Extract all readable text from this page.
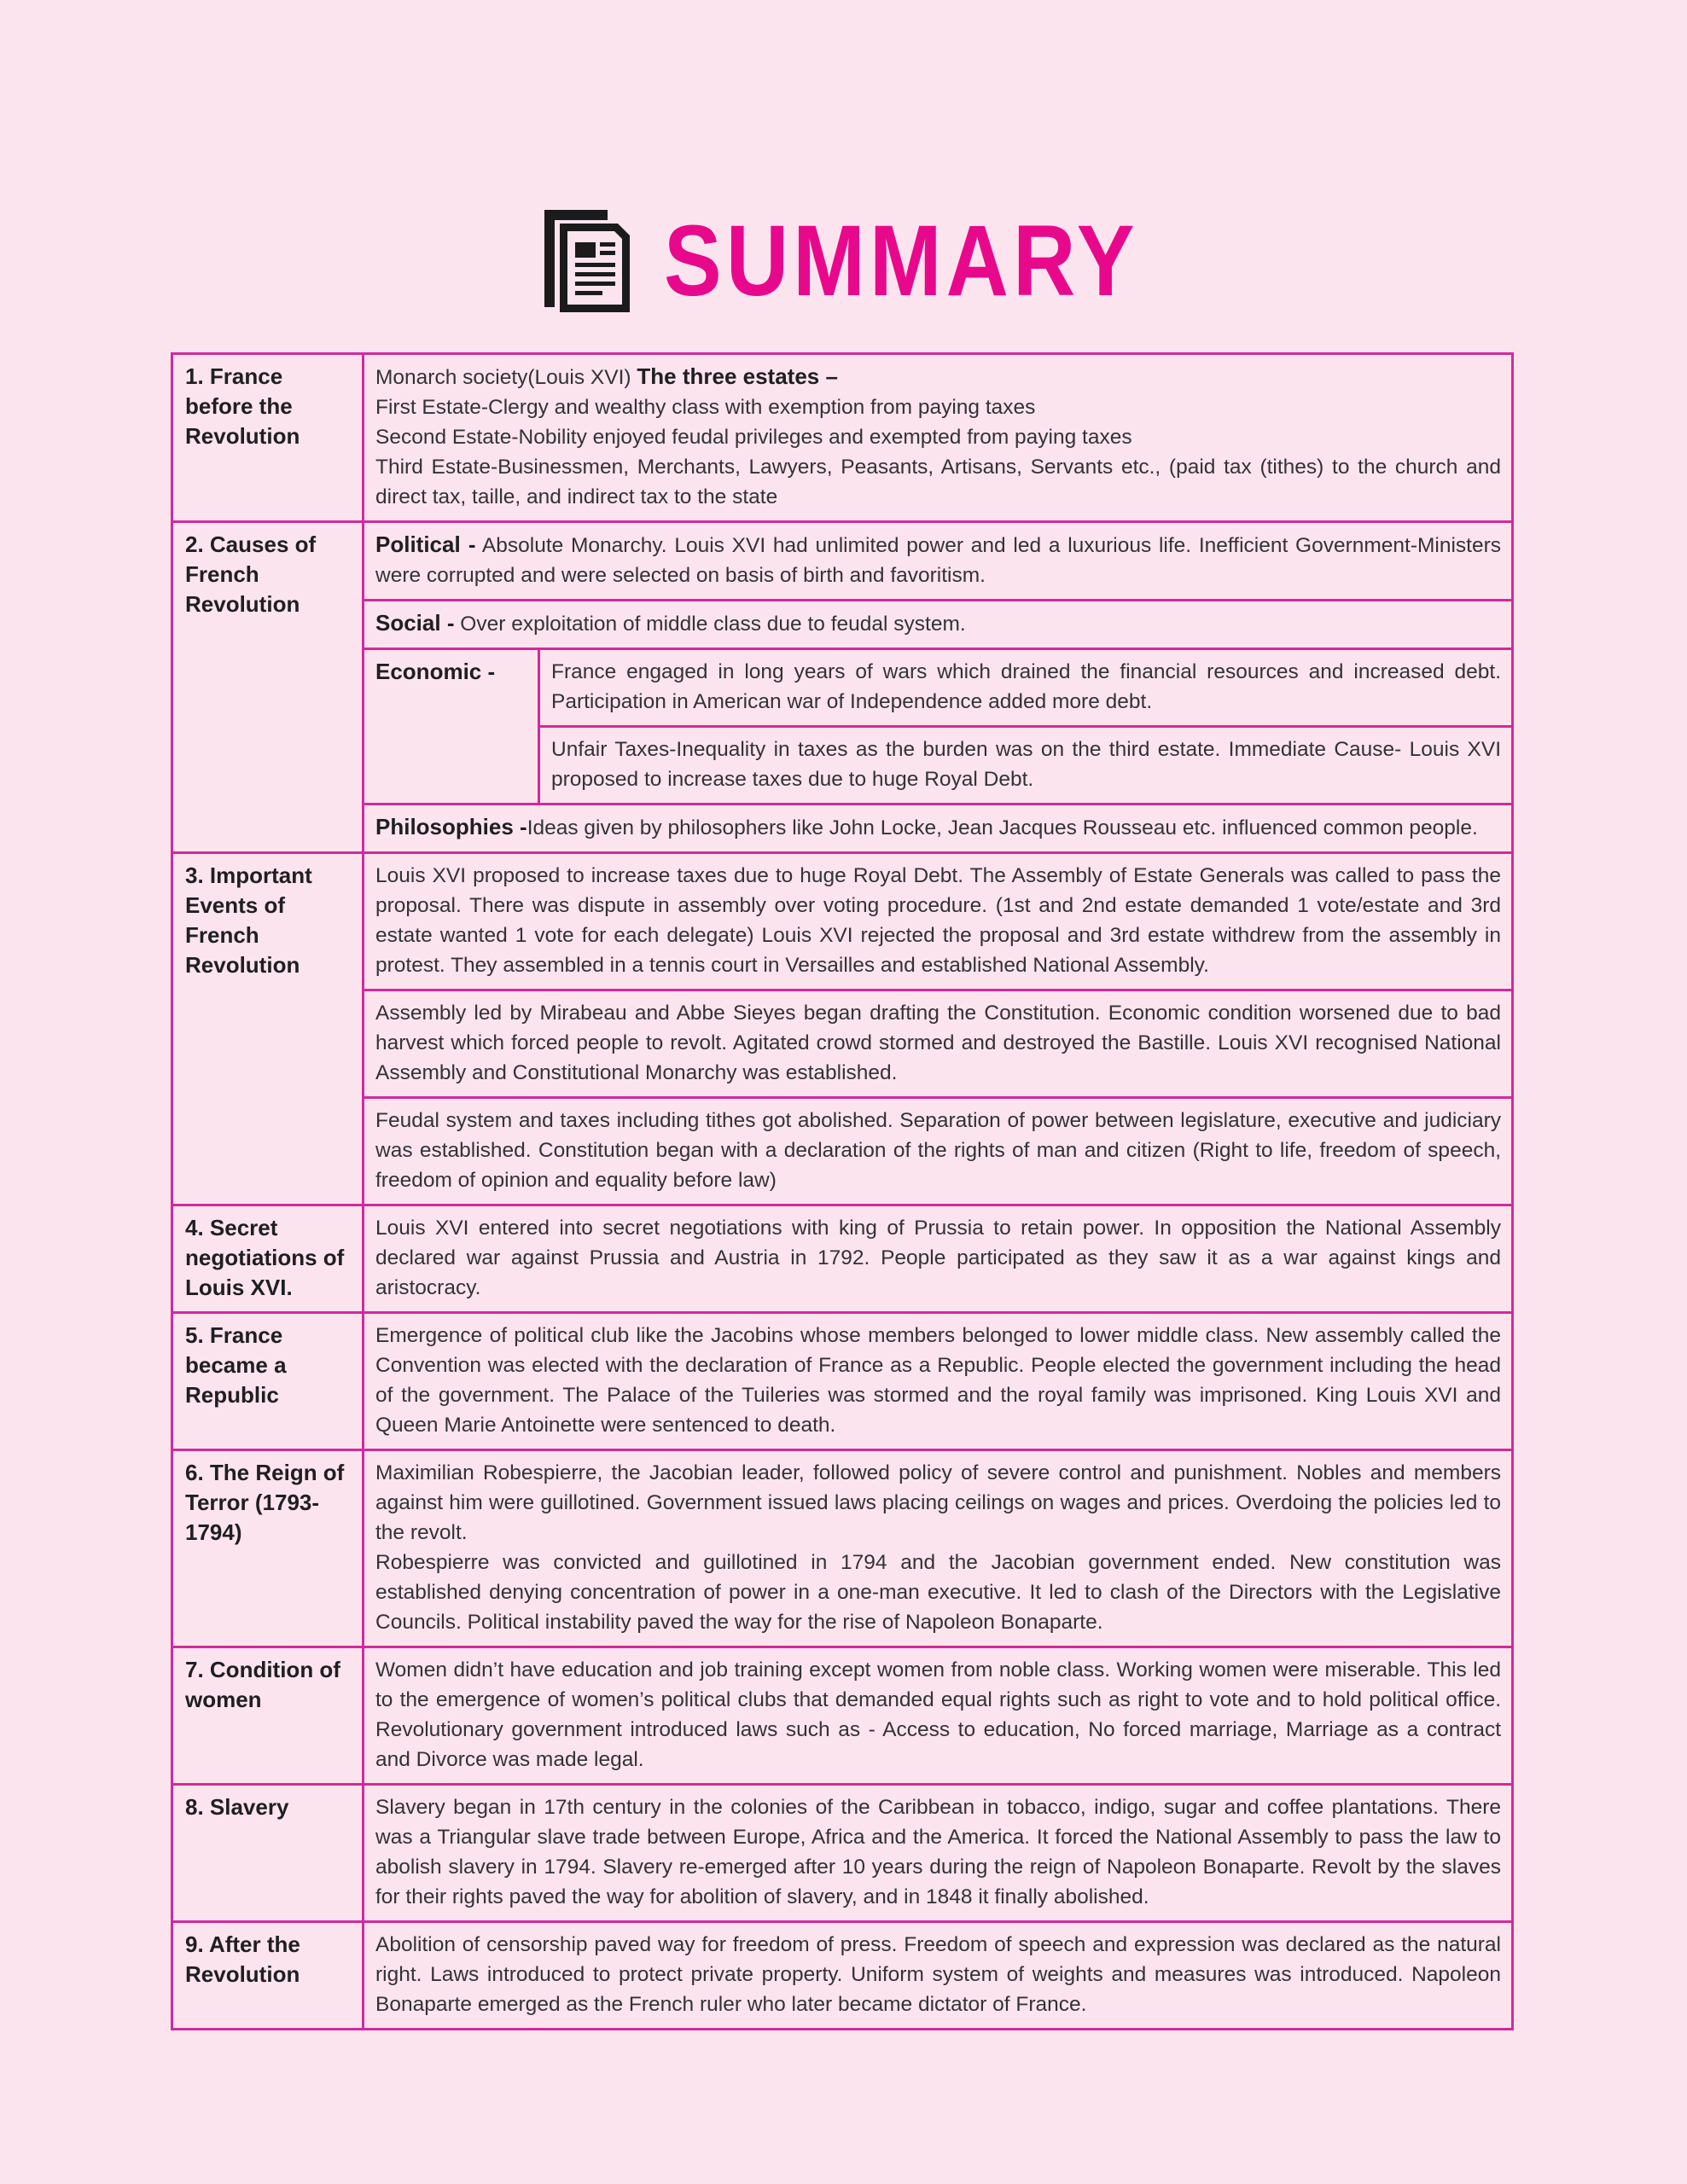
SUMMARY
1. France before the Revolution
Monarch society(Louis XVI) The three estates –
First Estate-Clergy and wealthy class with exemption from paying taxes
Second Estate-Nobility enjoyed feudal privileges and exempted from paying taxes
Third Estate-Businessmen, Merchants, Lawyers, Peasants, Artisans, Servants etc., (paid tax (tithes) to the church and direct tax, taille, and indirect tax to the state
2. Causes of French Revolution
Political - Absolute Monarchy. Louis XVI had unlimited power and led a luxurious life. Inefficient Government-Ministers were corrupted and were selected on basis of birth and favoritism.
Social - Over exploitation of middle class due to feudal system.
Economic -	France engaged in long years of wars which drained the financial resources and increased debt. Participation in American war of Independence added more debt.
Unfair Taxes-Inequality in taxes as the burden was on the third estate. Immediate Cause- Louis XVI proposed to increase taxes due to huge Royal Debt.
Philosophies -Ideas given by philosophers like John Locke, Jean Jacques Rousseau etc. influenced common people.
3. Important Events of French Revolution
Louis XVI proposed to increase taxes due to huge Royal Debt. The Assembly of Estate Generals was called to pass the proposal. There was dispute in assembly over voting procedure. (1st and 2nd estate demanded 1 vote/estate and 3rd estate wanted 1 vote for each delegate) Louis XVI rejected the proposal and 3rd estate withdrew from the assembly in protest. They assembled in a tennis court in Versailles and established National Assembly.
Assembly led by Mirabeau and Abbe Sieyes began drafting the Constitution. Economic condition worsened due to bad harvest which forced people to revolt. Agitated crowd stormed and destroyed the Bastille. Louis XVI recognised National Assembly and Constitutional Monarchy was established.
Feudal system and taxes including tithes got abolished. Separation of power between legislature, executive and judiciary was established. Constitution began with a declaration of the rights of man and citizen (Right to life, freedom of speech, freedom of opinion and equality before law)
4. Secret negotiations of Louis XVI.
Louis XVI entered into secret negotiations with king of Prussia to retain power. In opposition the National Assembly declared war against Prussia and Austria in 1792. People participated as they saw it as a war against kings and aristocracy.
5. France became a Republic
Emergence of political club like the Jacobins whose members belonged to lower middle class. New assembly called the Convention was elected with the declaration of France as a Republic. People elected the government including the head of the government. The Palace of the Tuileries was stormed and the royal family was imprisoned. King Louis XVI and Queen Marie Antoinette were sentenced to death.
6. The Reign of Terror (1793-1794)
Maximilian Robespierre, the Jacobian leader, followed policy of severe control and punishment. Nobles and members against him were guillotined. Government issued laws placing ceilings on wages and prices. Overdoing the policies led to the revolt.
Robespierre was convicted and guillotined in 1794 and the Jacobian government ended. New constitution was established denying concentration of power in a one-man executive. It led to clash of the Directors with the Legislative Councils. Political instability paved the way for the rise of Napoleon Bonaparte.
7. Condition of women
Women didn’t have education and job training except women from noble class. Working women were miserable. This led to the emergence of women’s political clubs that demanded equal rights such as right to vote and to hold political office. Revolutionary government introduced laws such as - Access to education, No forced marriage, Marriage as a contract and Divorce was made legal.
8. Slavery	Slavery began in 17th century in the colonies of the Caribbean in tobacco, indigo, sugar and coffee plantations. There was a Triangular slave trade between Europe, Africa and the America. It forced the National Assembly to pass the law to abolish slavery in 1794. Slavery re-emerged after 10 years during the reign of Napoleon Bonaparte. Revolt by the slaves for their rights paved the way for abolition of slavery, and in 1848 it finally abolished.
9. After the Revolution
Abolition of censorship paved way for freedom of press. Freedom of speech and expression was declared as the natural right. Laws introduced to protect private property. Uniform system of weights and measures was introduced. Napoleon Bonaparte emerged as the French ruler who later became dictator of France.
